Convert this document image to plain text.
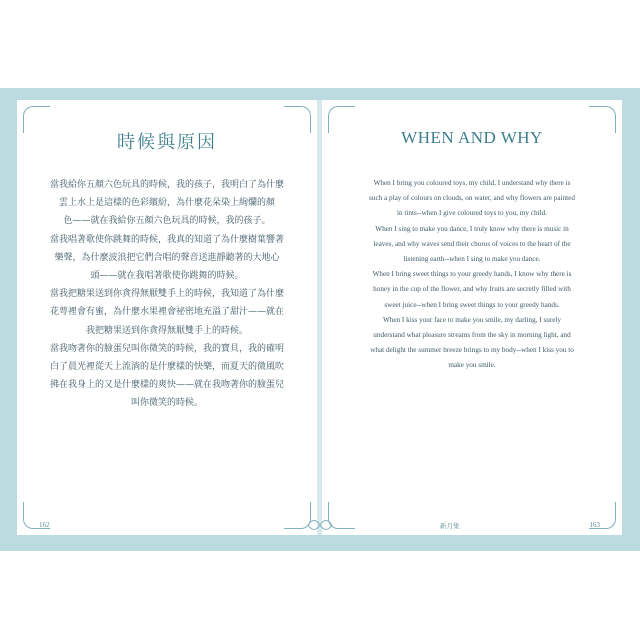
時候與原因
當我給你五顏六色玩具的時候，我的孩子，我明白了為什麼
雲上水上是這樣的色彩繽紛，為什麼花朵染上絢爛的顏
色——就在我給你五顏六色玩具的時候，我的孩子。
當我唱著歌使你跳舞的時候，我真的知道了為什麼樹葉響著
樂聲，為什麼波浪把它們合唱的聲音送進靜聽著的大地心
頭——就在我唱著歌使你跳舞的時候。
當我把糖果送到你貪得無厭雙手上的時候，我知道了為什麼
花萼裡會有蜜，為什麼水果裡會祕密地充溢了甜汁——就在
我把糖果送到你貪得無厭雙手上的時候。
當我吻著你的臉蛋兒叫你微笑的時候，我的寶貝，我的確明
白了晨光裡從天上流淌的是什麼樣的快樂，而夏天的微風吹
拂在我身上的又是什麼樣的爽快——就在我吻著你的臉蛋兒
叫你微笑的時候。
162
WHEN AND WHY
When I bring you coloured toys, my child, I understand why there is
such a play of colours on clouds, on water, and why flowers are painted
in tints--when I give coloured toys to you, my child.
When I sing to make you dance, I truly know why there is music in
leaves, and why waves send their chorus of voices to the heart of the
listening earth--when I sing to make you dance.
When I bring sweet things to your greedy hands, I know why there is
honey in the cup of the flower, and why fruits are secretly filled with
sweet juice--when I bring sweet things to your greedy hands.
When I kiss your face to make you smile, my darling, I surely
understand what pleasure streams from the sky in morning light, and
what delight the summer breeze brings to my body--when I kiss you to
make you smile.
新月集	163
